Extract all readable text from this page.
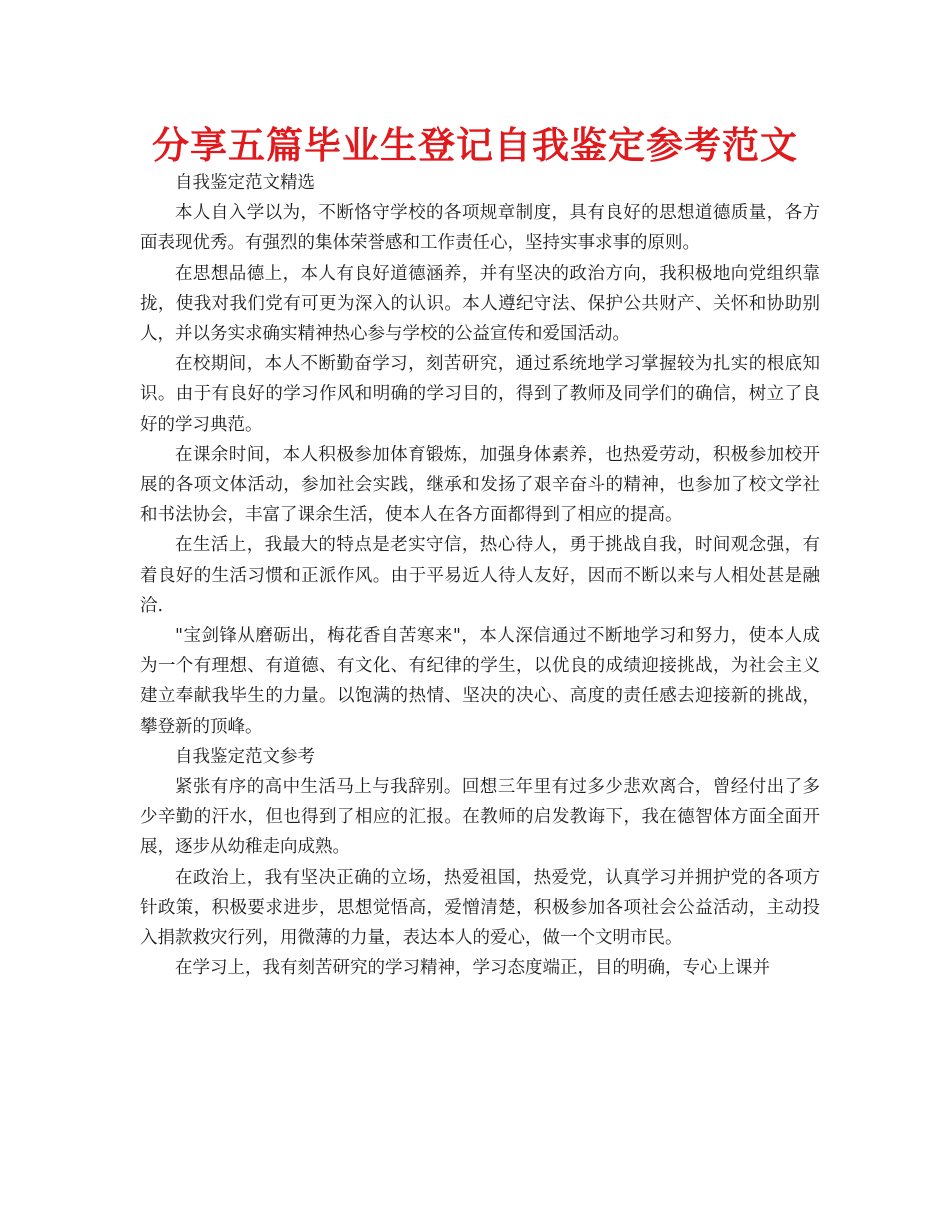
分享五篇毕业生登记自我鉴定参考范文

自我鉴定范文精选

本人自入学以为，不断恪守学校的各项规章制度，具有良好的思想道德质量，各方面表现优秀。有强烈的集体荣誉感和工作责任心，坚持实事求事的原则。

在思想品德上，本人有良好道德涵养，并有坚决的政治方向，我积极地向党组织靠拢，使我对我们党有可更为深入的认识。本人遵纪守法、保护公共财产、关怀和协助别人，并以务实求确实精神热心参与学校的公益宣传和爱国活动。

在校期间，本人不断勤奋学习，刻苦研究，通过系统地学习掌握较为扎实的根底知识。由于有良好的学习作风和明确的学习目的，得到了教师及同学们的确信，树立了良好的学习典范。

在课余时间，本人积极参加体育锻炼，加强身体素养，也热爱劳动，积极参加校开展的各项文体活动，参加社会实践，继承和发扬了艰辛奋斗的精神，也参加了校文学社和书法协会，丰富了课余生活，使本人在各方面都得到了相应的提高。

在生活上，我最大的特点是老实守信，热心待人，勇于挑战自我，时间观念强，有着良好的生活习惯和正派作风。由于平易近人待人友好，因而不断以来与人相处甚是融洽.

"宝剑锋从磨砺出，梅花香自苦寒来"，本人深信通过不断地学习和努力，使本人成为一个有理想、有道德、有文化、有纪律的学生，以优良的成绩迎接挑战，为社会主义建立奉献我毕生的力量。以饱满的热情、坚决的决心、高度的责任感去迎接新的挑战，攀登新的顶峰。

自我鉴定范文参考

紧张有序的高中生活马上与我辞别。回想三年里有过多少悲欢离合，曾经付出了多少辛勤的汗水，但也得到了相应的汇报。在教师的启发教诲下，我在德智体方面全面开展，逐步从幼稚走向成熟。

在政治上，我有坚决正确的立场，热爱祖国，热爱党，认真学习并拥护党的各项方针政策，积极要求进步，思想觉悟高，爱憎清楚，积极参加各项社会公益活动，主动投入捐款救灾行列，用微薄的力量，表达本人的爱心，做一个文明市民。

在学习上，我有刻苦研究的学习精神，学习态度端正，目的明确，专心上课并
